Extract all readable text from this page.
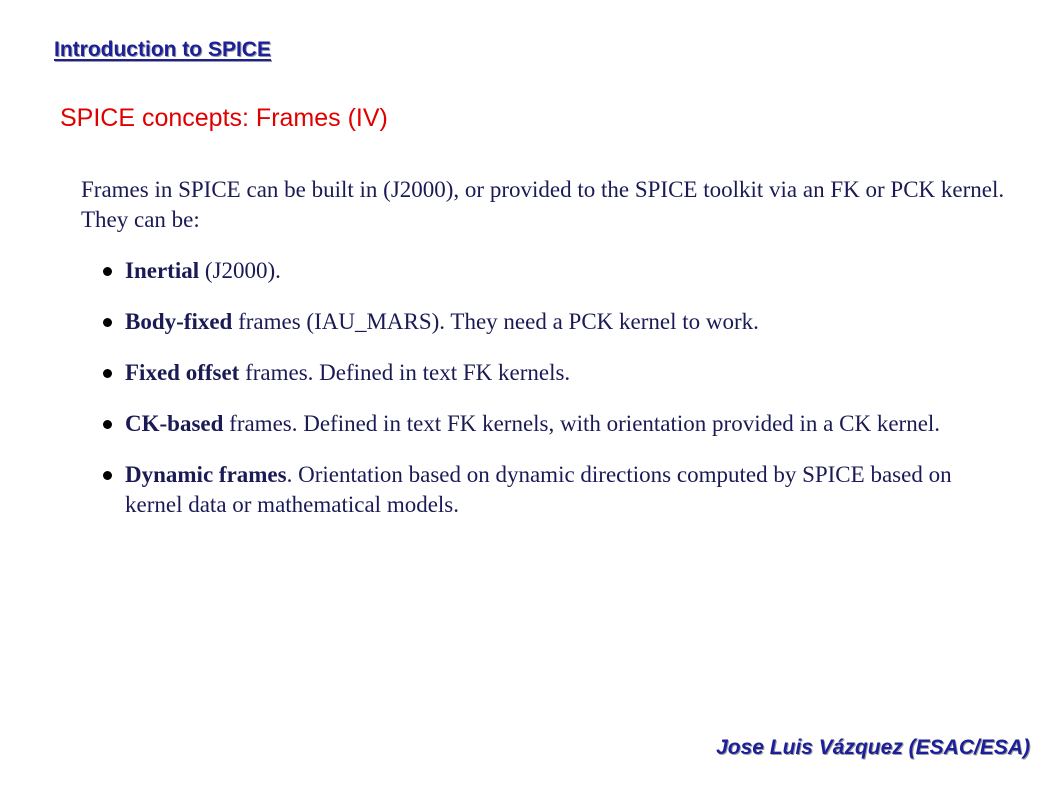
Introduction to SPICE
SPICE concepts: Frames (IV)

Frames in SPICE can be built in (J2000), or provided to the SPICE toolkit via an FK or PCK kernel. They can be:

Inertial (J2000).
Body-fixed frames (IAU_MARS). They need a PCK kernel to work.
Fixed offset frames. Defined in text FK kernels.
CK-based frames. Defined in text FK kernels, with orientation provided in a CK kernel.
Dynamic frames. Orientation based on dynamic directions computed by SPICE based on kernel data or mathematical models.
Jose Luis Vázquez (ESAC/ESA)
